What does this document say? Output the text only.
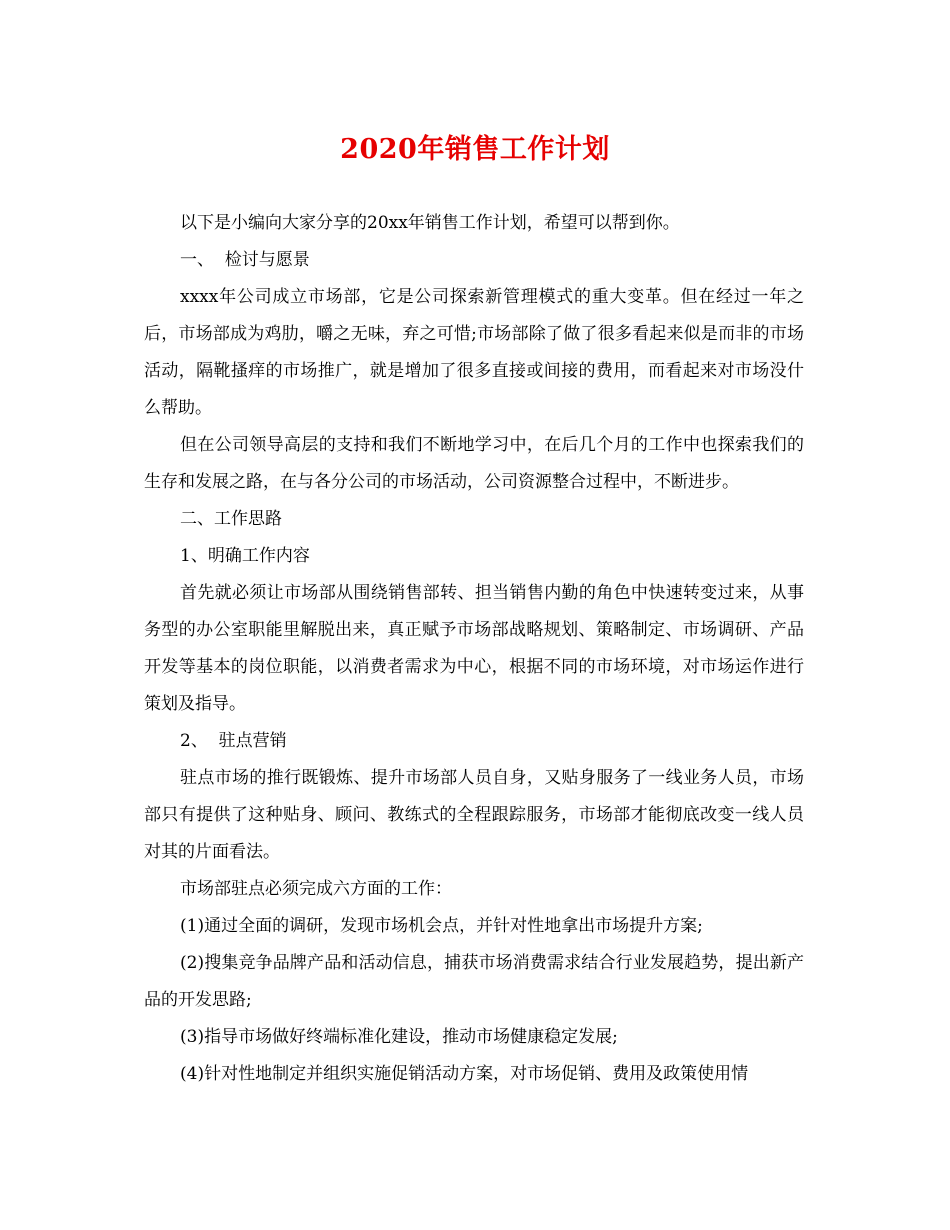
2020年销售工作计划

以下是小编向大家分享的20xx年销售工作计划，希望可以帮到你。

一、  检讨与愿景

xxxx年公司成立市场部，它是公司探索新管理模式的重大变革。但在经过一年之后，市场部成为鸡肋，嚼之无味，弃之可惜;市场部除了做了很多看起来似是而非的市场活动，隔靴搔痒的市场推广，就是增加了很多直接或间接的费用，而看起来对市场没什么帮助。

但在公司领导高层的支持和我们不断地学习中，在后几个月的工作中也探索我们的生存和发展之路，在与各分公司的市场活动，公司资源整合过程中，不断进步。

二、工作思路

1、明确工作内容

首先就必须让市场部从围绕销售部转、担当销售内勤的角色中快速转变过来，从事务型的办公室职能里解脱出来，真正赋予市场部战略规划、策略制定、市场调研、产品开发等基本的岗位职能，以消费者需求为中心，根据不同的市场环境，对市场运作进行策划及指导。

2、  驻点营销

驻点市场的推行既锻炼、提升市场部人员自身，又贴身服务了一线业务人员，市场部只有提供了这种贴身、顾问、教练式的全程跟踪服务，市场部才能彻底改变一线人员对其的片面看法。

市场部驻点必须完成六方面的工作：

(1)通过全面的调研，发现市场机会点，并针对性地拿出市场提升方案;

(2)搜集竞争品牌产品和活动信息，捕获市场消费需求结合行业发展趋势，提出新产品的开发思路;

(3)指导市场做好终端标准化建设，推动市场健康稳定发展;

(4)针对性地制定并组织实施促销活动方案，对市场促销、费用及政策使用情
